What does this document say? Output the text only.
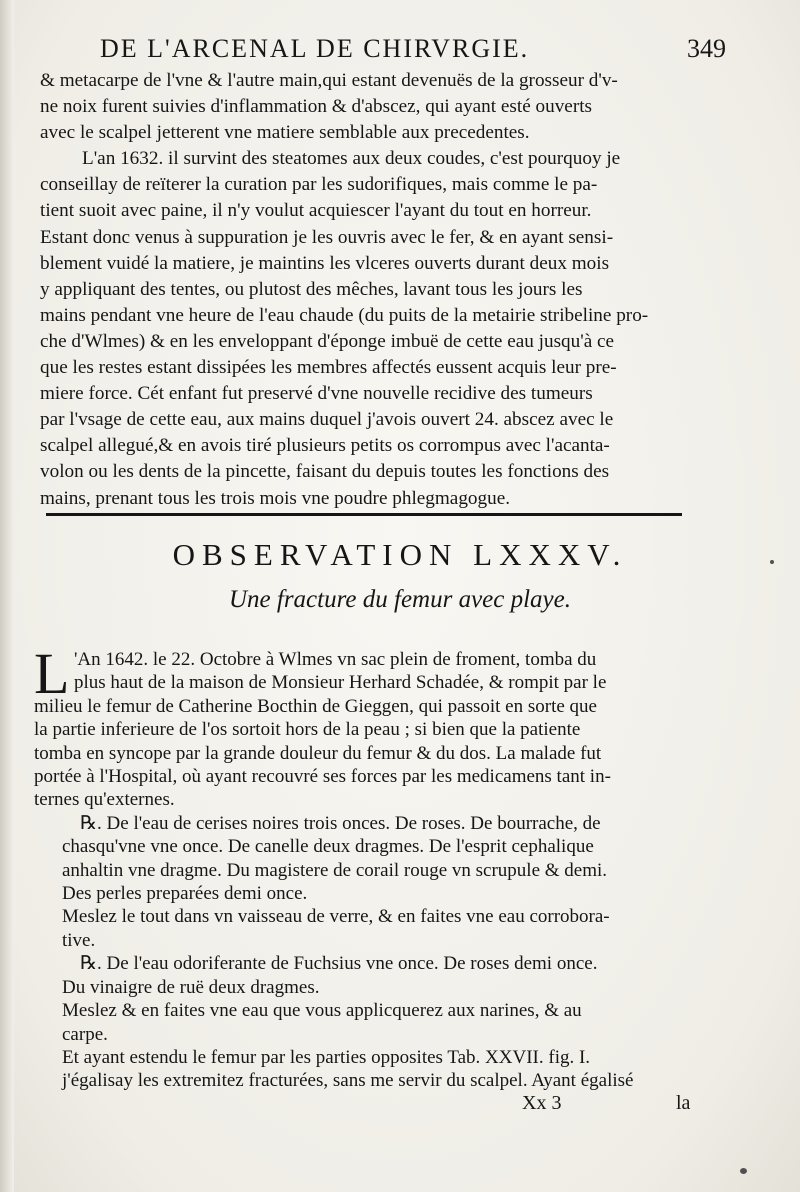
DE L'ARCENAL DE CHIRVRGIE.	349
& metacarpe de l'vne & l'autre main,qui estant devenuës de la grosseur d'v-
ne noix furent suivies d'inflammation & d'abscez, qui ayant esté ouverts
avec le scalpel jetterent vne matiere semblable aux precedentes.
L'an 1632. il survint des steatomes aux deux coudes, c'est pourquoy je
conseillay de reïterer la curation par les sudorifiques, mais comme le pa-
tient suoit avec paine, il n'y voulut acquiescer l'ayant du tout en horreur.
Estant donc venus à suppuration je les ouvris avec le fer, & en ayant sensi-
blement vuidé la matiere, je maintins les vlceres ouverts durant deux mois
y appliquant des tentes, ou plutost des mêches, lavant tous les jours les
mains pendant vne heure de l'eau chaude (du puits de la metairie stribeline pro-
che d'Wlmes) & en les enveloppant d'éponge imbuë de cette eau jusqu'à ce
que les restes estant dissipées les membres affectés eussent acquis leur pre-
miere force. Cét enfant fut preservé d'vne nouvelle recidive des tumeurs
par l'vsage de cette eau, aux mains duquel j'avois ouvert 24. abscez avec le
scalpel allegué,& en avois tiré plusieurs petits os corrompus avec l'acanta-
volon ou les dents de la pincette, faisant du depuis toutes les fonctions des
mains, prenant tous les trois mois vne poudre phlegmagogue.
OBSERVATION LXXXV.
Une fracture du femur avec playe.
L 'An 1642. le 22. Octobre à Wlmes vn sac plein de froment, tomba du
plus haut de la maison de Monsieur Herhard Schadée, & rompit par le
milieu le femur de Catherine Bocthin de Gieggen, qui passoit en sorte que
la partie inferieure de l'os sortoit hors de la peau ; si bien que la patiente
tomba en syncope par la grande douleur du femur & du dos. La malade fut
portée à l'Hospital, où ayant recouvré ses forces par les medicamens tant in-
ternes qu'externes.
℞. De l'eau de cerises noires trois onces. De roses. De bourrache, de
chasqu'vne vne once. De canelle deux dragmes. De l'esprit cephalique
anhaltin vne dragme. Du magistere de corail rouge vn scrupule & demi.
Des perles preparées demi once.
Meslez le tout dans vn vaisseau de verre, & en faites vne eau corrobora-
tive.
℞. De l'eau odoriferante de Fuchsius vne once. De roses demi once.
Du vinaigre de ruë deux dragmes.
Meslez & en faites vne eau que vous applicquerez aux narines, & au
carpe.
Et ayant estendu le femur par les parties opposites Tab. XXVII. fig. I.
j'égalisay les extremitez fracturées, sans me servir du scalpel. Ayant égalisé
Xx 3	la
